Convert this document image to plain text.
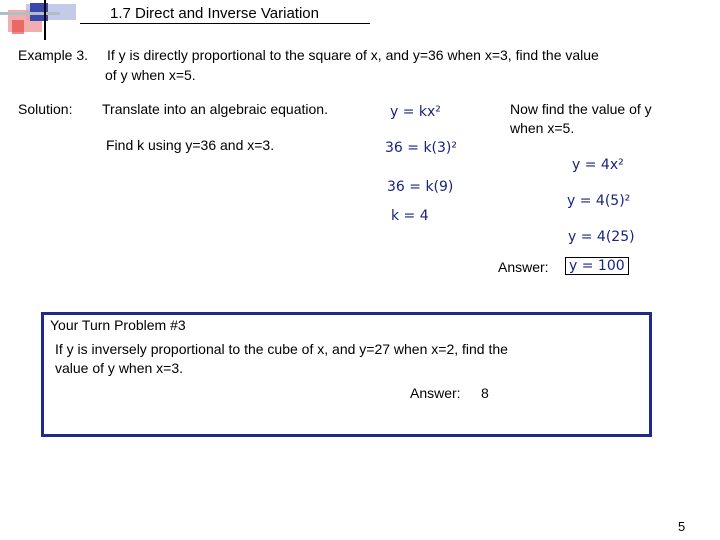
1.7 Direct and Inverse Variation
Example 3. If y is directly proportional to the square of x, and y=36 when x=3, find the value
of y when x=5.
Solution: Translate into an algebraic equation.	y = kx²
Find k using y=36 and x=3.	36 = k(3)²
36 = k(9)
k = 4
Now find the value of y
when x=5.
y = 4x²
y = 4(5)²
y = 4(25)
Answer: y = 100
Your Turn Problem #3
If y is inversely proportional to the cube of x, and y=27 when x=2, find the
value of y when x=3.
Answer: 8
5
